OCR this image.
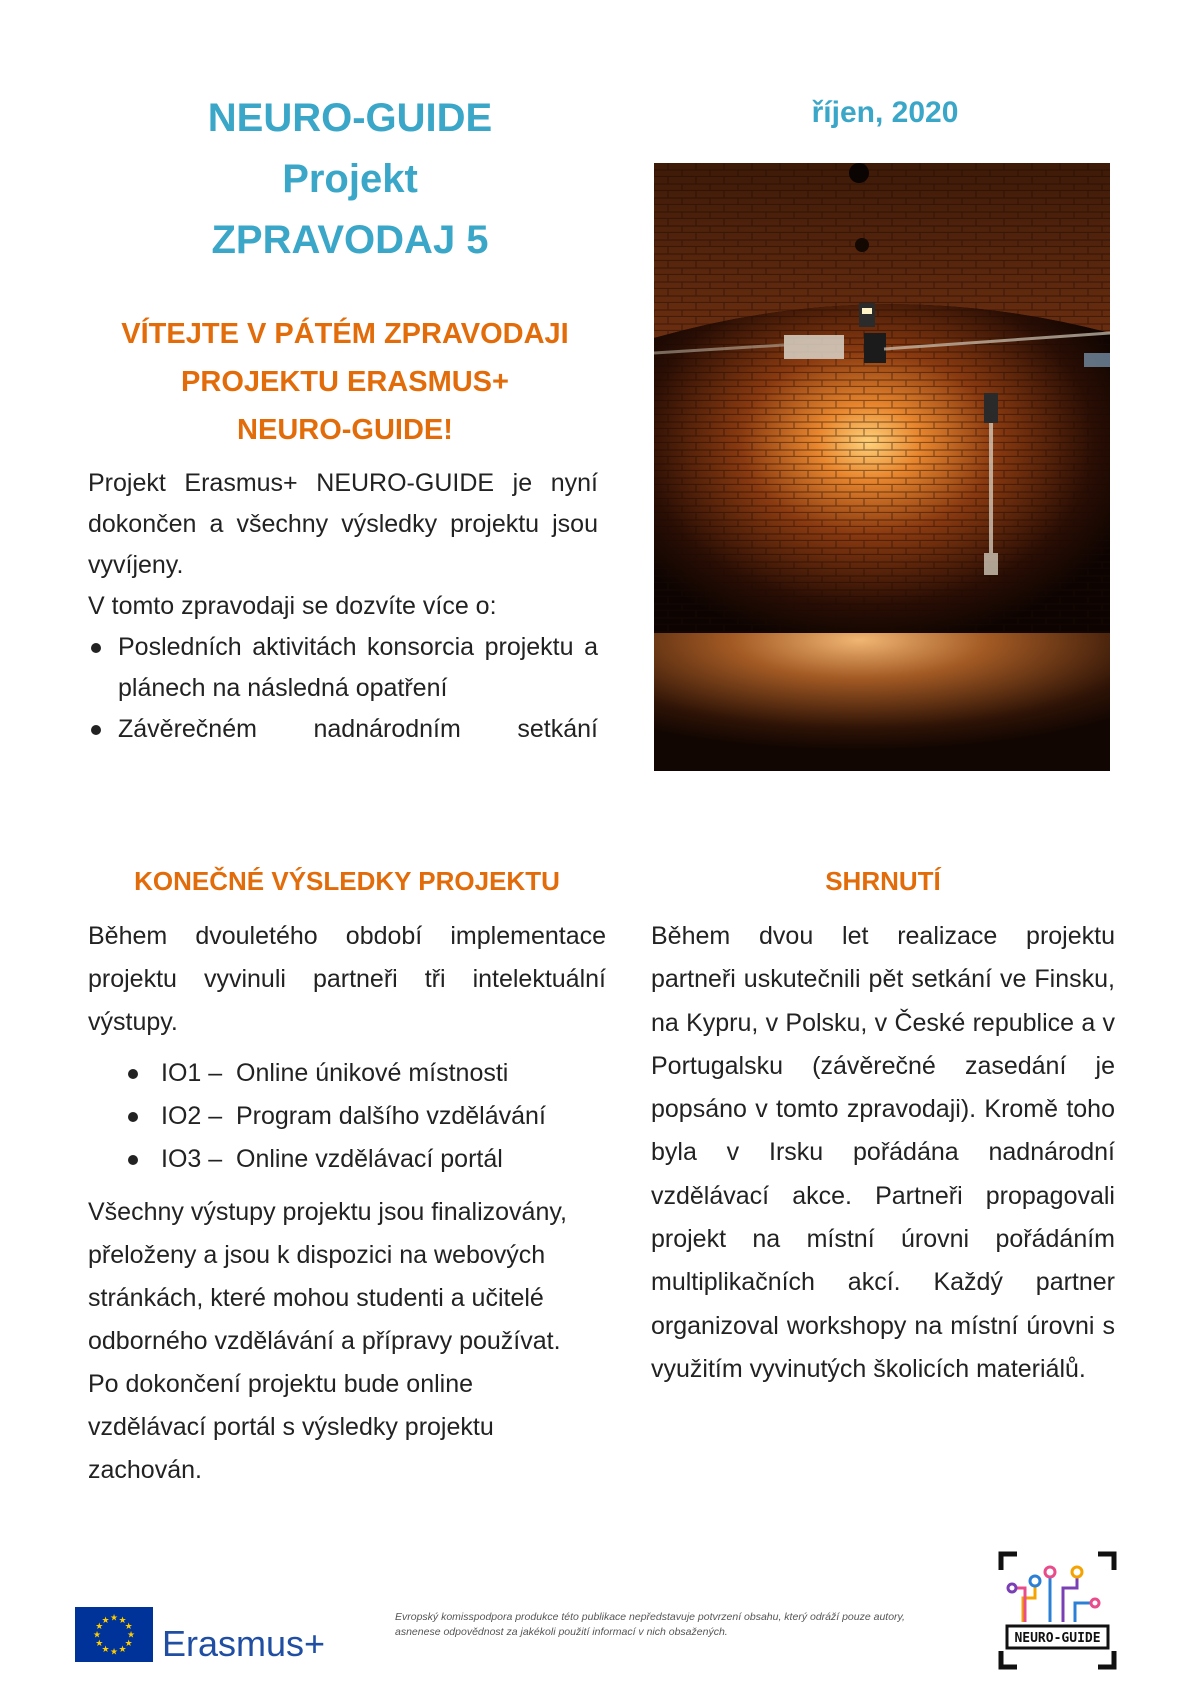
NEURO-GUIDE
Projekt
ZPRAVODAJ 5
říjen, 2020
VÍTEJTE V PÁTÉM ZPRAVODAJI
PROJEKTU ERASMUS+
NEURO-GUIDE!

Projekt Erasmus+ NEURO-GUIDE je nyní dokončen a všechny výsledky projektu jsou vyvíjeny.

V tomto zpravodaji se dozvíte více o:

Posledních aktivitách konsorcia projektu a plánech na následná opatření
Závěrečném nadnárodním setkání
KONEČNÉ VÝSLEDKY PROJEKTU	SHRNUTÍ

Během dvouletého období implementace projektu vyvinuli partneři tři intelektuální výstupy.

IO1 – Online únikové místnosti
IO2 – Program dalšího vzdělávání
IO3 – Online vzdělávací portál
Všechny výstupy projektu jsou finalizovány,
přeloženy a jsou k dispozici na webových
stránkách, které mohou studenti a učitelé
odborného vzdělávání a přípravy používat.
Po dokončení projektu bude online
vzdělávací portál s výsledky projektu
zachován.

Během dvou let realizace projektu partneři uskutečnili pět setkání ve Finsku, na Kypru, v Polsku, v České republice a v Portugalsku (závěrečné zasedání je popsáno v tomto zpravodaji). Kromě toho byla v Irsku pořádána nadnárodní vzdělávací akce. Partneři propagovali projekt na místní úrovni pořádáním multiplikačních akcí. Každý partner organizoval workshopy na místní úrovni s využitím vyvinutých školicích materiálů.

★ ★
★
★
★
★
★
★
★
★
★
★
Erasmus+
Evropský komisspodpora produkce této publikace nepředstavuje potvrzení obsahu, který odráží pouze autory, asnenese odpovědnost za jakékoli použití informací v nich obsažených.	NEURO-GUIDE
